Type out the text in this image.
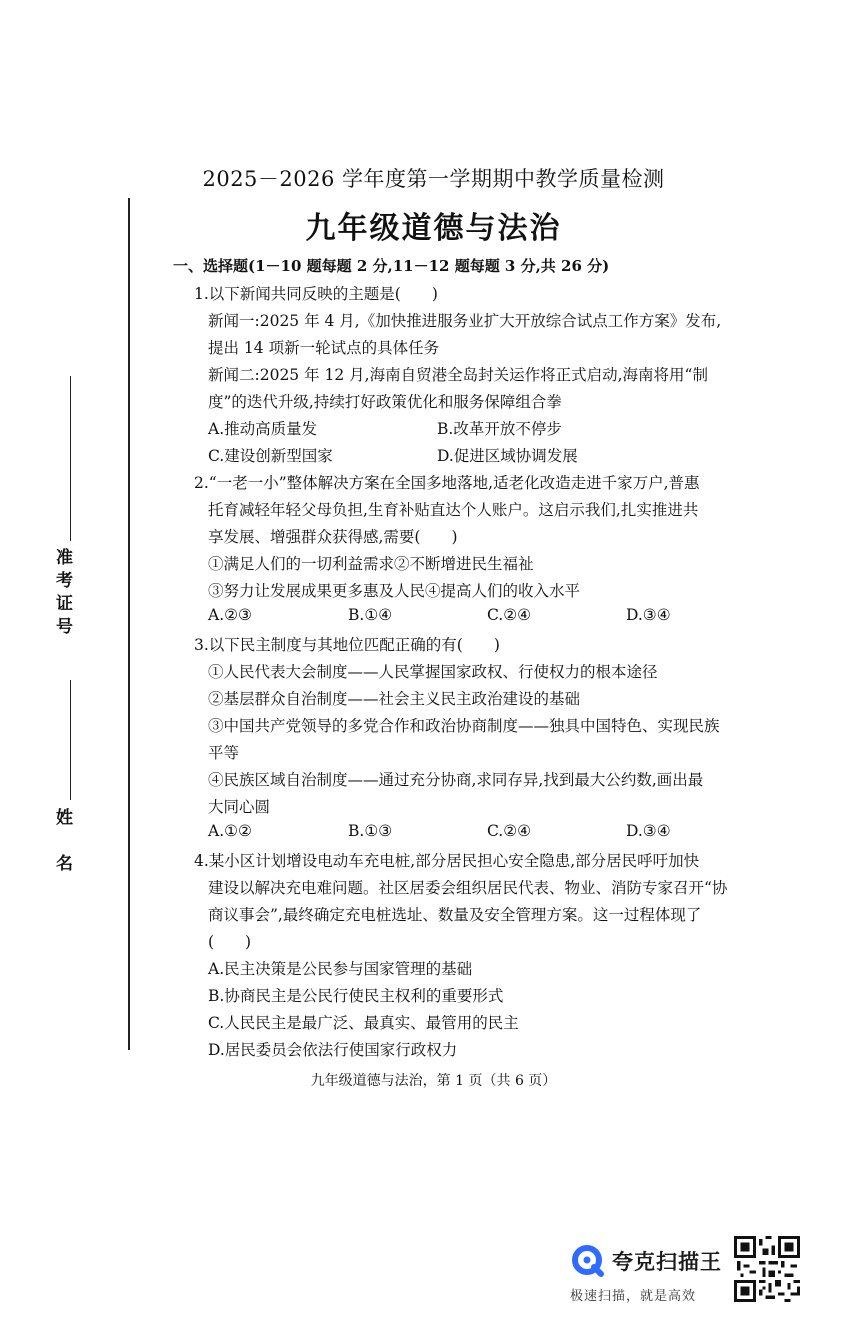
准考证号
姓　名
2025－2026 学年度第一学期期中教学质量检测
九年级道德与法治
一、选择题(1－10 题每题 2 分,11－12 题每题 3 分,共 26 分)
1.以下新闻共同反映的主题是(　　)
新闻一:2025 年 4 月,《加快推进服务业扩大开放综合试点工作方案》发布,
提出 14 项新一轮试点的具体任务
新闻二:2025 年 12 月,海南自贸港全岛封关运作将正式启动,海南将用“制
度”的迭代升级,持续打好政策优化和服务保障组合拳
A.推动高质量发	B.改革开放不停步
C.建设创新型国家	D.促进区域协调发展
2.“一老一小”整体解决方案在全国多地落地,适老化改造走进千家万户,普惠
托育减轻年轻父母负担,生育补贴直达个人账户。这启示我们,扎实推进共
享发展、增强群众获得感,需要(　　)
①满足人们的一切利益需求②不断增进民生福祉
③努力让发展成果更多惠及人民④提高人们的收入水平
A.②③	B.①④	C.②④	D.③④
3.以下民主制度与其地位匹配正确的有(　　)
①人民代表大会制度——人民掌握国家政权、行使权力的根本途径
②基层群众自治制度——社会主义民主政治建设的基础
③中国共产党领导的多党合作和政治协商制度——独具中国特色、实现民族
平等
④民族区域自治制度——通过充分协商,求同存异,找到最大公约数,画出最
大同心圆
A.①②	B.①③	C.②④	D.③④
4.某小区计划增设电动车充电桩,部分居民担心安全隐患,部分居民呼吁加快
建设以解决充电难问题。社区居委会组织居民代表、物业、消防专家召开“协
商议事会”,最终确定充电桩选址、数量及安全管理方案。这一过程体现了
(　　)
A.民主决策是公民参与国家管理的基础
B.协商民主是公民行使民主权利的重要形式
C.人民民主是最广泛、最真实、最管用的民主
D.居民委员会依法行使国家行政权力
九年级道德与法治，第 1 页（共 6 页）
夸克扫描王
极速扫描，就是高效
